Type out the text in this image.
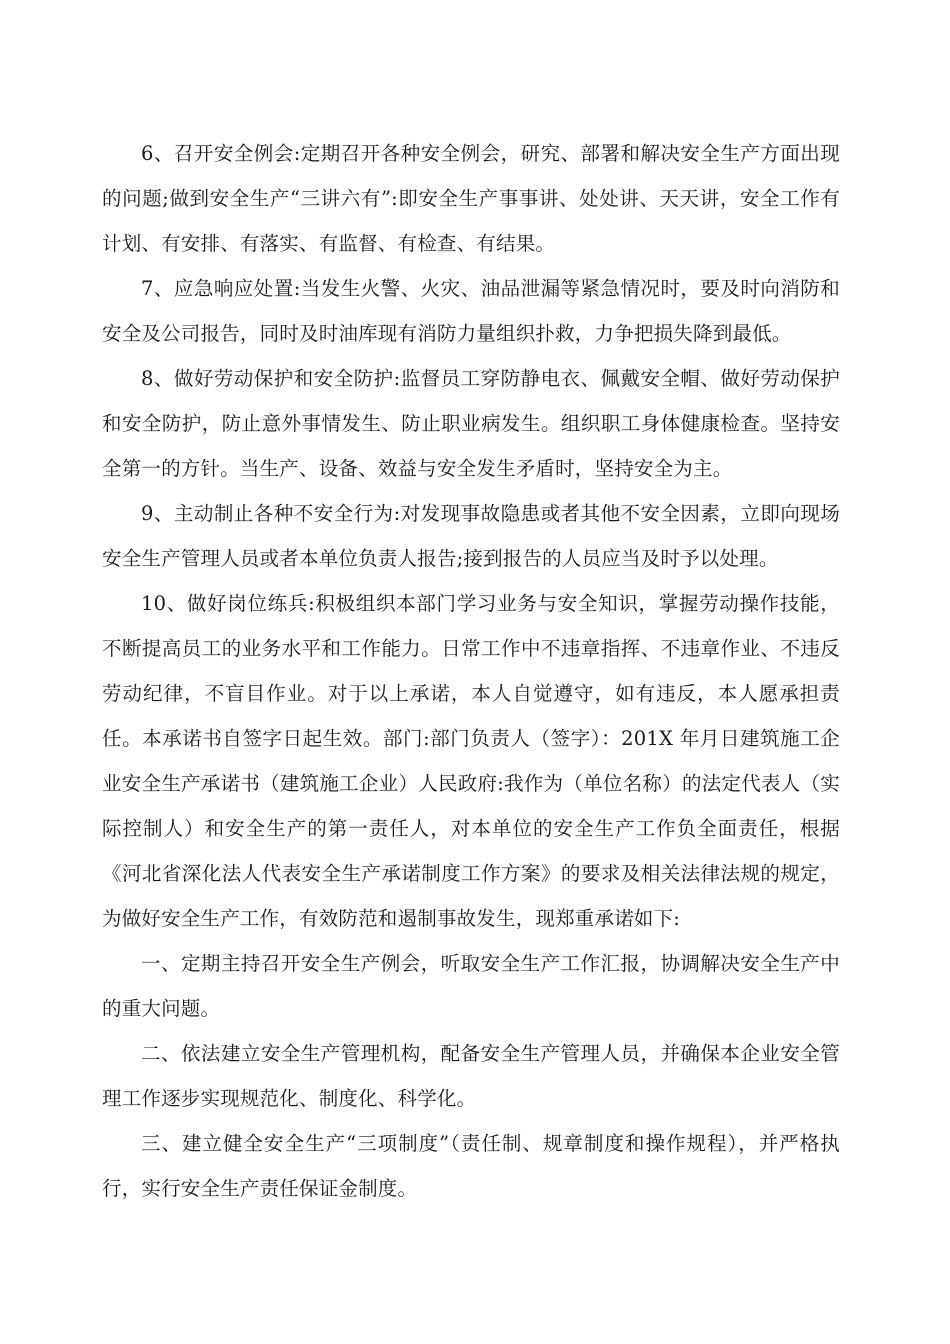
6、召开安全例会:定期召开各种安全例会，研究、部署和解决安全生产方面出现的问题;做到安全生产“三讲六有”:即安全生产事事讲、处处讲、天天讲，安全工作有计划、有安排、有落实、有监督、有检查、有结果。

7、应急响应处置:当发生火警、火灾、油品泄漏等紧急情况时，要及时向消防和安全及公司报告，同时及时油库现有消防力量组织扑救，力争把损失降到最低。

8、做好劳动保护和安全防护:监督员工穿防静电衣、佩戴安全帽、做好劳动保护和安全防护，防止意外事情发生、防止职业病发生。组织职工身体健康检查。坚持安全第一的方针。当生产、设备、效益与安全发生矛盾时，坚持安全为主。

9、主动制止各种不安全行为:对发现事故隐患或者其他不安全因素，立即向现场安全生产管理人员或者本单位负责人报告;接到报告的人员应当及时予以处理。

10、做好岗位练兵:积极组织本部门学习业务与安全知识，掌握劳动操作技能，不断提高员工的业务水平和工作能力。日常工作中不违章指挥、不违章作业、不违反劳动纪律，不盲目作业。对于以上承诺，本人自觉遵守，如有违反，本人愿承担责任。本承诺书自签字日起生效。部门:部门负责人（签字）：201X 年月日建筑施工企业安全生产承诺书（建筑施工企业）人民政府:我作为（单位名称）的法定代表人（实际控制人）和安全生产的第一责任人，对本单位的安全生产工作负全面责任，根据《河北省深化法人代表安全生产承诺制度工作方案》的要求及相关法律法规的规定，为做好安全生产工作，有效防范和遏制事故发生，现郑重承诺如下:

一、定期主持召开安全生产例会，听取安全生产工作汇报，协调解决安全生产中的重大问题。

二、依法建立安全生产管理机构，配备安全生产管理人员，并确保本企业安全管理工作逐步实现规范化、制度化、科学化。

三、建立健全安全生产“三项制度”（责任制、规章制度和操作规程），并严格执行，实行安全生产责任保证金制度。
